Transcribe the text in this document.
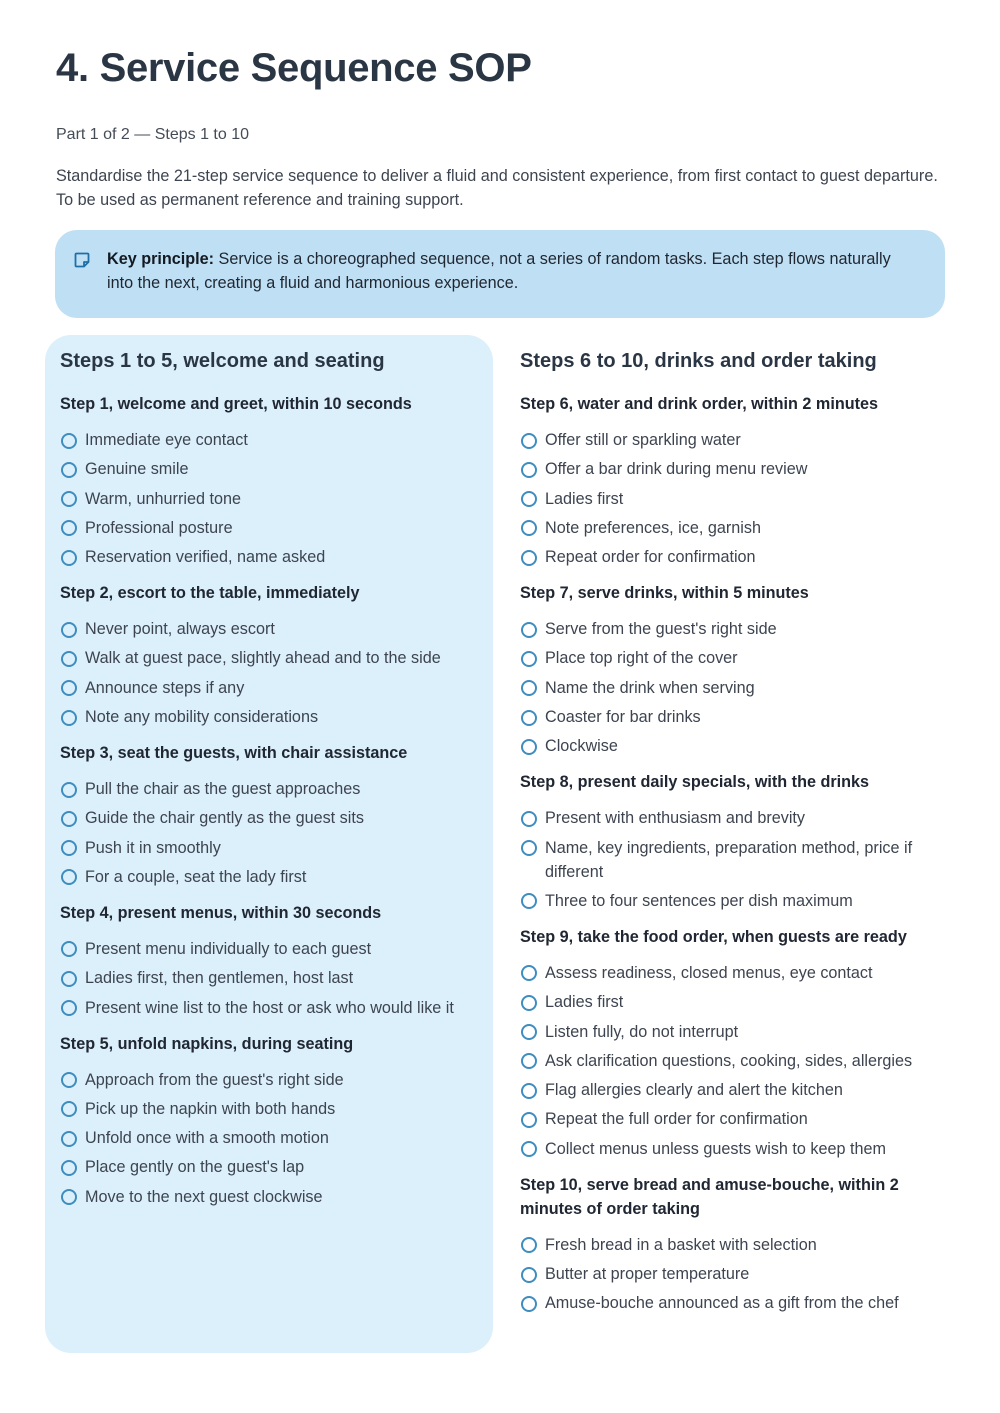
4. Service Sequence SOP
Part 1 of 2 — Steps 1 to 10

Standardise the 21-step service sequence to deliver a fluid and consistent experience, from first contact to guest departure. To be used as permanent reference and training support.

Key principle: Service is a choreographed sequence, not a series of random tasks. Each step flows naturally into the next, creating a fluid and harmonious experience.
Steps 1 to 5, welcome and seating
Step 1, welcome and greet, within 10 seconds
Immediate eye contact
Genuine smile
Warm, unhurried tone
Professional posture
Reservation verified, name asked
Step 2, escort to the table, immediately
Never point, always escort
Walk at guest pace, slightly ahead and to the side
Announce steps if any
Note any mobility considerations
Step 3, seat the guests, with chair assistance
Pull the chair as the guest approaches
Guide the chair gently as the guest sits
Push it in smoothly
For a couple, seat the lady first
Step 4, present menus, within 30 seconds
Present menu individually to each guest
Ladies first, then gentlemen, host last
Present wine list to the host or ask who would like it
Step 5, unfold napkins, during seating
Approach from the guest's right side
Pick up the napkin with both hands
Unfold once with a smooth motion
Place gently on the guest's lap
Move to the next guest clockwise
Steps 6 to 10, drinks and order taking
Step 6, water and drink order, within 2 minutes
Offer still or sparkling water
Offer a bar drink during menu review
Ladies first
Note preferences, ice, garnish
Repeat order for confirmation
Step 7, serve drinks, within 5 minutes
Serve from the guest's right side
Place top right of the cover
Name the drink when serving
Coaster for bar drinks
Clockwise
Step 8, present daily specials, with the drinks
Present with enthusiasm and brevity
Name, key ingredients, preparation method, price if different
Three to four sentences per dish maximum
Step 9, take the food order, when guests are ready
Assess readiness, closed menus, eye contact
Ladies first
Listen fully, do not interrupt
Ask clarification questions, cooking, sides, allergies
Flag allergies clearly and alert the kitchen
Repeat the full order for confirmation
Collect menus unless guests wish to keep them
Step 10, serve bread and amuse-bouche, within 2 minutes of order taking
Fresh bread in a basket with selection
Butter at proper temperature
Amuse-bouche announced as a gift from the chef
